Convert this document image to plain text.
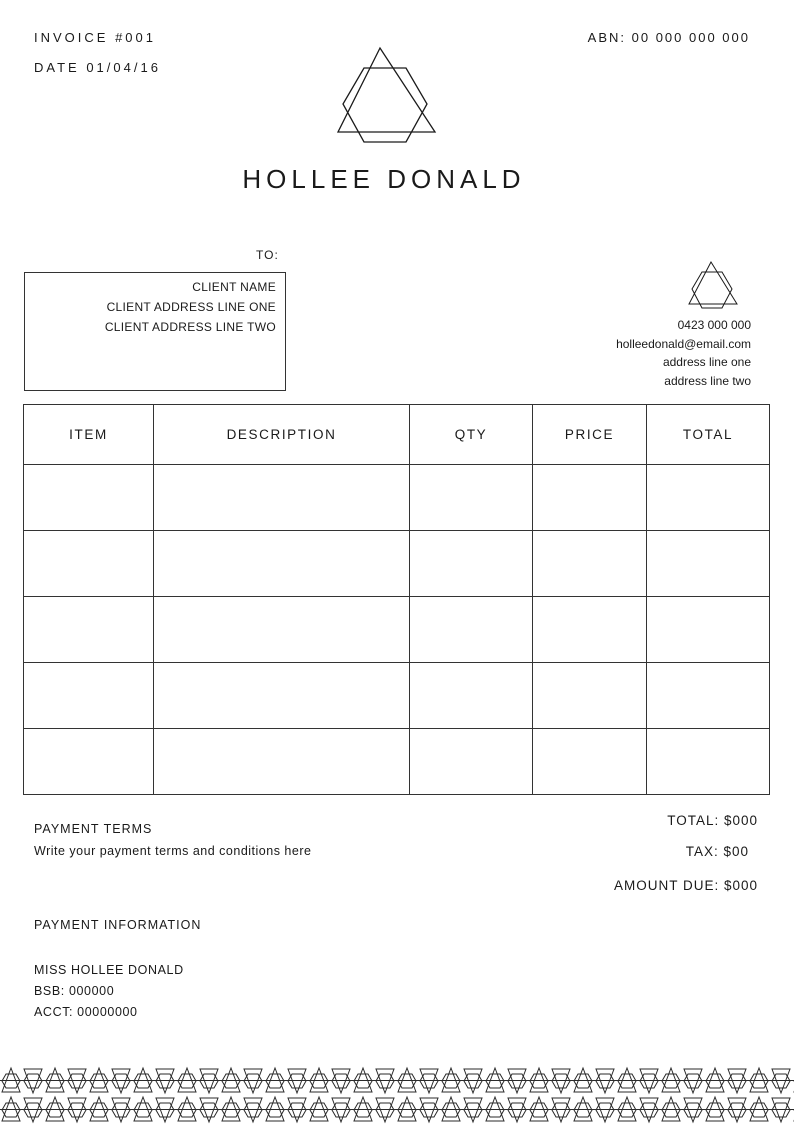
INVOICE #001
DATE 01/04/16
ABN: 00 000 000 000
HOLLEE DONALD
TO:
CLIENT NAME
CLIENT ADDRESS LINE ONE
CLIENT ADDRESS LINE TWO	0423 000 000
holleedonald@email.com
address line one
address line two
ITEM	DESCRIPTION	QTY	PRICE	TOTAL

PAYMENT TERMS
Write your payment terms and conditions here
TOTAL: $000
TAX: $00
AMOUNT DUE: $000
PAYMENT INFORMATION
MISS HOLLEE DONALD
BSB: 000000
ACCT: 00000000
